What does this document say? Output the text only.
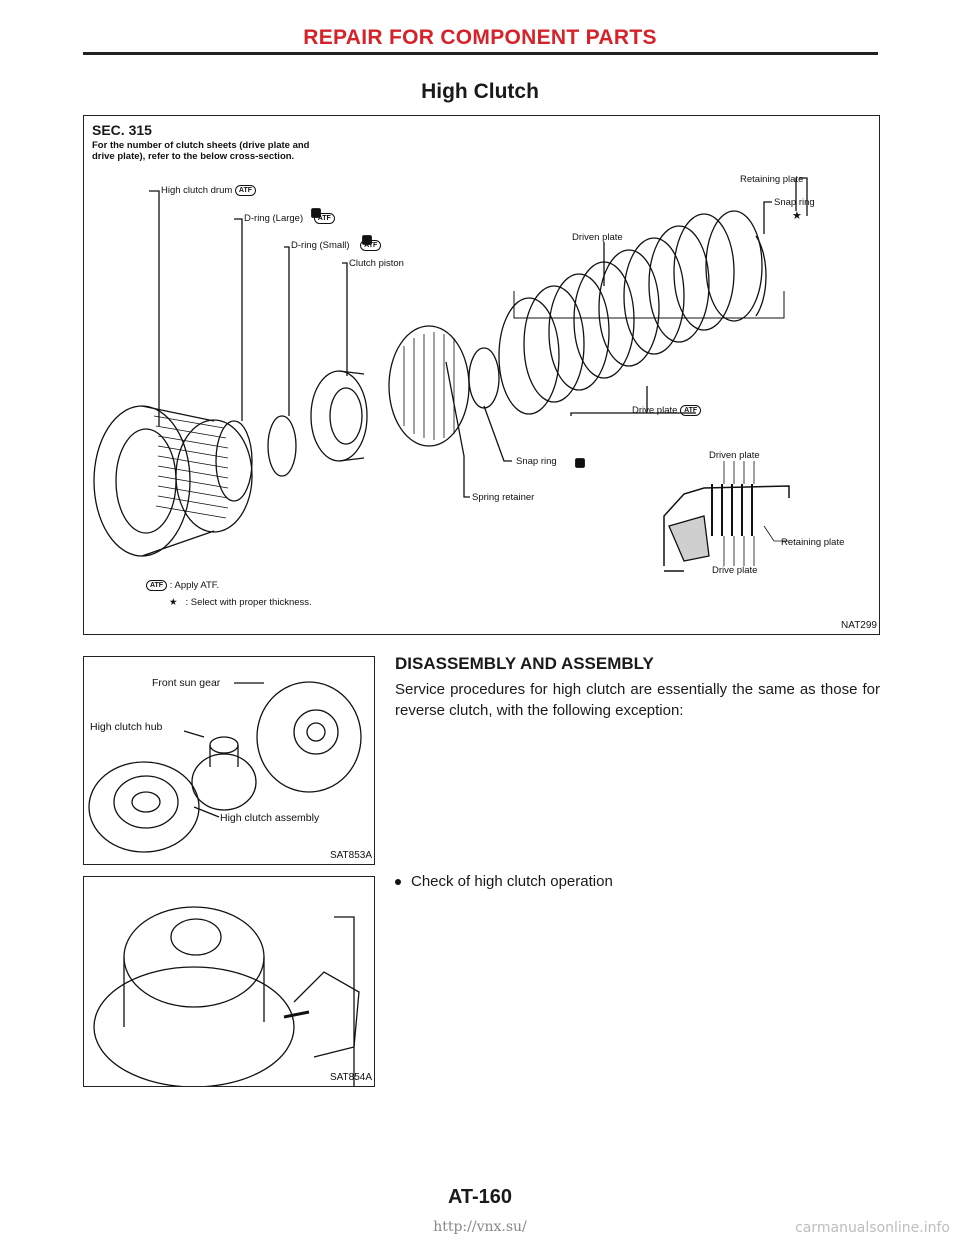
REPAIR FOR COMPONENT PARTS
High Clutch
★
SEC. 315
For the number of clutch sheets (drive plate and
drive plate), refer to the below cross-section.
High clutch drum ATF
D-ring (Large) ATF
D-ring (Small) ATF
Clutch piston
Retaining plate
Snap ring
Driven plate
Drive plate ATF
Snap ring
Spring retainer
Driven plate
Retaining plate
Drive plate
ATF : Apply ATF.
★ : Select with proper thickness.
NAT299
Front sun gear
High clutch hub
High clutch assembly
SAT853A
SAT854A
DISASSEMBLY AND ASSEMBLY
Service procedures for high clutch are essentially the same as those for reverse clutch, with the following exception:
Check of high clutch operation
AT-160
http://vnx.su/	carmanualsonline.info
